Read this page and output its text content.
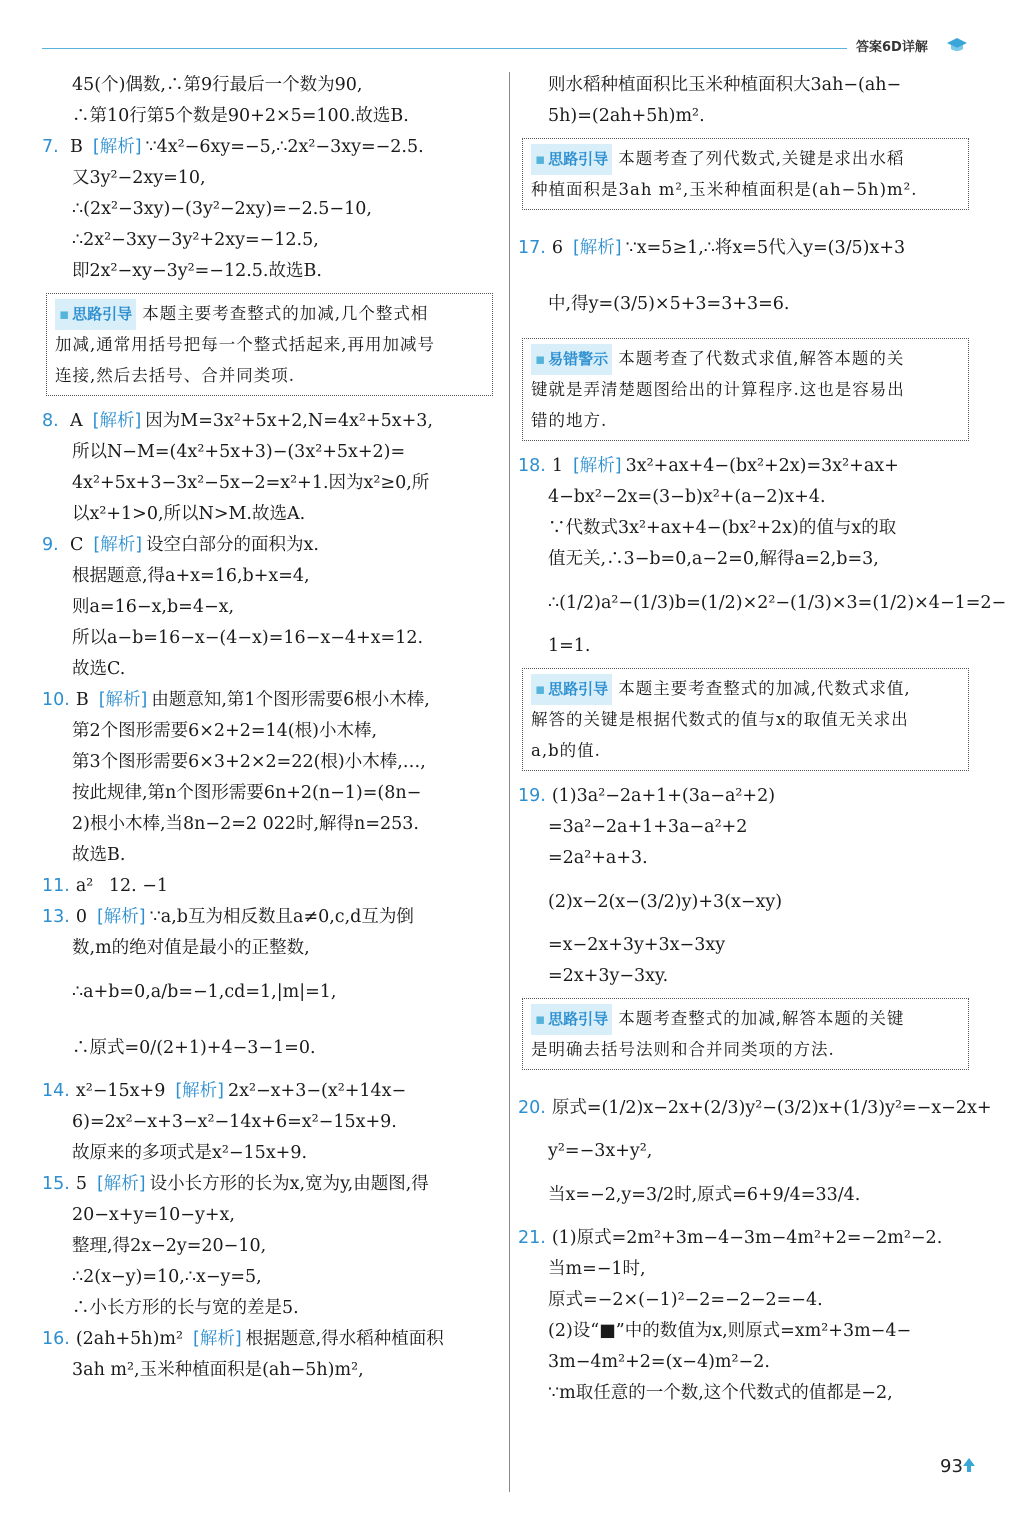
答案6D详解
45(个)偶数,∴第9行最后一个数为90,
∴第10行第5个数是90+2×5=100.故选B.
7. B [解析] ∵4x²−6xy=−5,∴2x²−3xy=−2.5.
又3y²−2xy=10,
∴(2x²−3xy)−(3y²−2xy)=−2.5−10,
∴2x²−3xy−3y²+2xy=−12.5,
即2x²−xy−3y²=−12.5.故选B.
▪ 思路引导 本题主要考查整式的加减,几个整式相
加减,通常用括号把每一个整式括起来,再用加减号
连接,然后去括号、合并同类项.
8. A [解析] 因为M=3x²+5x+2,N=4x²+5x+3,
所以N−M=(4x²+5x+3)−(3x²+5x+2)=
4x²+5x+3−3x²−5x−2=x²+1.因为x²≥0,所
以x²+1>0,所以N>M.故选A.
9. C [解析] 设空白部分的面积为x.
根据题意,得a+x=16,b+x=4,
则a=16−x,b=4−x,
所以a−b=16−x−(4−x)=16−x−4+x=12.
故选C.
10. B [解析] 由题意知,第1个图形需要6根小木棒,
第2个图形需要6×2+2=14(根)小木棒,
第3个图形需要6×3+2×2=22(根)小木棒,…,
按此规律,第n个图形需要6n+2(n−1)=(8n−
2)根小木棒,当8n−2=2 022时,解得n=253.
故选B.
11. a² 12. −1
13. 0 [解析] ∵a,b互为相反数且a≠0,c,d互为倒
数,m的绝对值是最小的正整数,
∴a+b=0,a/b=−1,cd=1,|m|=1,
∴原式=0/(2+1)+4−3−1=0.
14. x²−15x+9 [解析] 2x²−x+3−(x²+14x−
6)=2x²−x+3−x²−14x+6=x²−15x+9.
故原来的多项式是x²−15x+9.
15. 5 [解析] 设小长方形的长为x,宽为y,由题图,得
20−x+y=10−y+x,
整理,得2x−2y=20−10,
∴2(x−y)=10,∴x−y=5,
∴小长方形的长与宽的差是5.
16. (2ah+5h)m² [解析] 根据题意,得水稻种植面积
3ah m²,玉米种植面积是(ah−5h)m²,
则水稻种植面积比玉米种植面积大3ah−(ah−
5h)=(2ah+5h)m².
▪ 思路引导 本题考查了列代数式,关键是求出水稻
种植面积是3ah m²,玉米种植面积是(ah−5h)m².
17. 6 [解析] ∵x=5≥1,∴将x=5代入y=(3/5)x+3
中,得y=(3/5)×5+3=3+3=6.
▪ 易错警示 本题考查了代数式求值,解答本题的关
键就是弄清楚题图给出的计算程序.这也是容易出
错的地方.
18. 1 [解析] 3x²+ax+4−(bx²+2x)=3x²+ax+
4−bx²−2x=(3−b)x²+(a−2)x+4.
∵代数式3x²+ax+4−(bx²+2x)的值与x的取
值无关,∴3−b=0,a−2=0,解得a=2,b=3,
∴(1/2)a²−(1/3)b=(1/2)×2²−(1/3)×3=(1/2)×4−1=2−
1=1.
▪ 思路引导 本题主要考查整式的加减,代数式求值,
解答的关键是根据代数式的值与x的取值无关求出
a,b的值.
19. (1)3a²−2a+1+(3a−a²+2)
=3a²−2a+1+3a−a²+2
=2a²+a+3.
(2)x−2(x−(3/2)y)+3(x−xy)
=x−2x+3y+3x−3xy
=2x+3y−3xy.
▪ 思路引导 本题考查整式的加减,解答本题的关键
是明确去括号法则和合并同类项的方法.
20. 原式=(1/2)x−2x+(2/3)y²−(3/2)x+(1/3)y²=−x−2x+
y²=−3x+y²,
当x=−2,y=3/2时,原式=6+9/4=33/4.
21. (1)原式=2m²+3m−4−3m−4m²+2=−2m²−2.
当m=−1时,
原式=−2×(−1)²−2=−2−2=−4.
(2)设“■”中的数值为x,则原式=xm²+3m−4−
3m−4m²+2=(x−4)m²−2.
∵m取任意的一个数,这个代数式的值都是−2,
93
